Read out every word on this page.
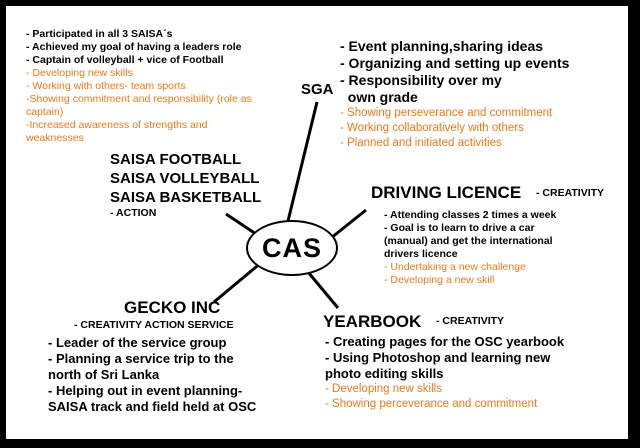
- Participated in all 3 SAISA´s
- Achieved my goal of having a leaders role
- Captain of volleyball + vice of Football
- Developing new skills
- Working with others- team sports
-Showing commitment and responsibility (role as
captain)
-Increased awareness of strengths and
weaknesses
SAISA FOOTBALL
SAISA VOLLEYBALL
SAISA BASKETBALL
- ACTION
SGA
- Event planning,sharing ideas
- Organizing and setting up events
- Responsibility over my
own grade
- Showing perseverance and commitment
- Working collaboratively with others
- Planned and initiated activities
DRIVING LICENCE - CREATIVITY
- Attending classes 2 times a week
- Goal is to learn to drive a car
(manual) and get the international
drivers licence
- Undertaking a new challenge
- Developing a new skill
CAS
GECKO INC
- CREATIVITY ACTION SERVICE
- Leader of the service group
- Planning a service trip to the
north of Sri Lanka
- Helping out in event planning-
SAISA track and field held at OSC
YEARBOOK - CREATIVITY
- Creating pages for the OSC yearbook
- Using Photoshop and learning new
photo editing skills
- Developing new skills
- Showing perceverance and commitment
